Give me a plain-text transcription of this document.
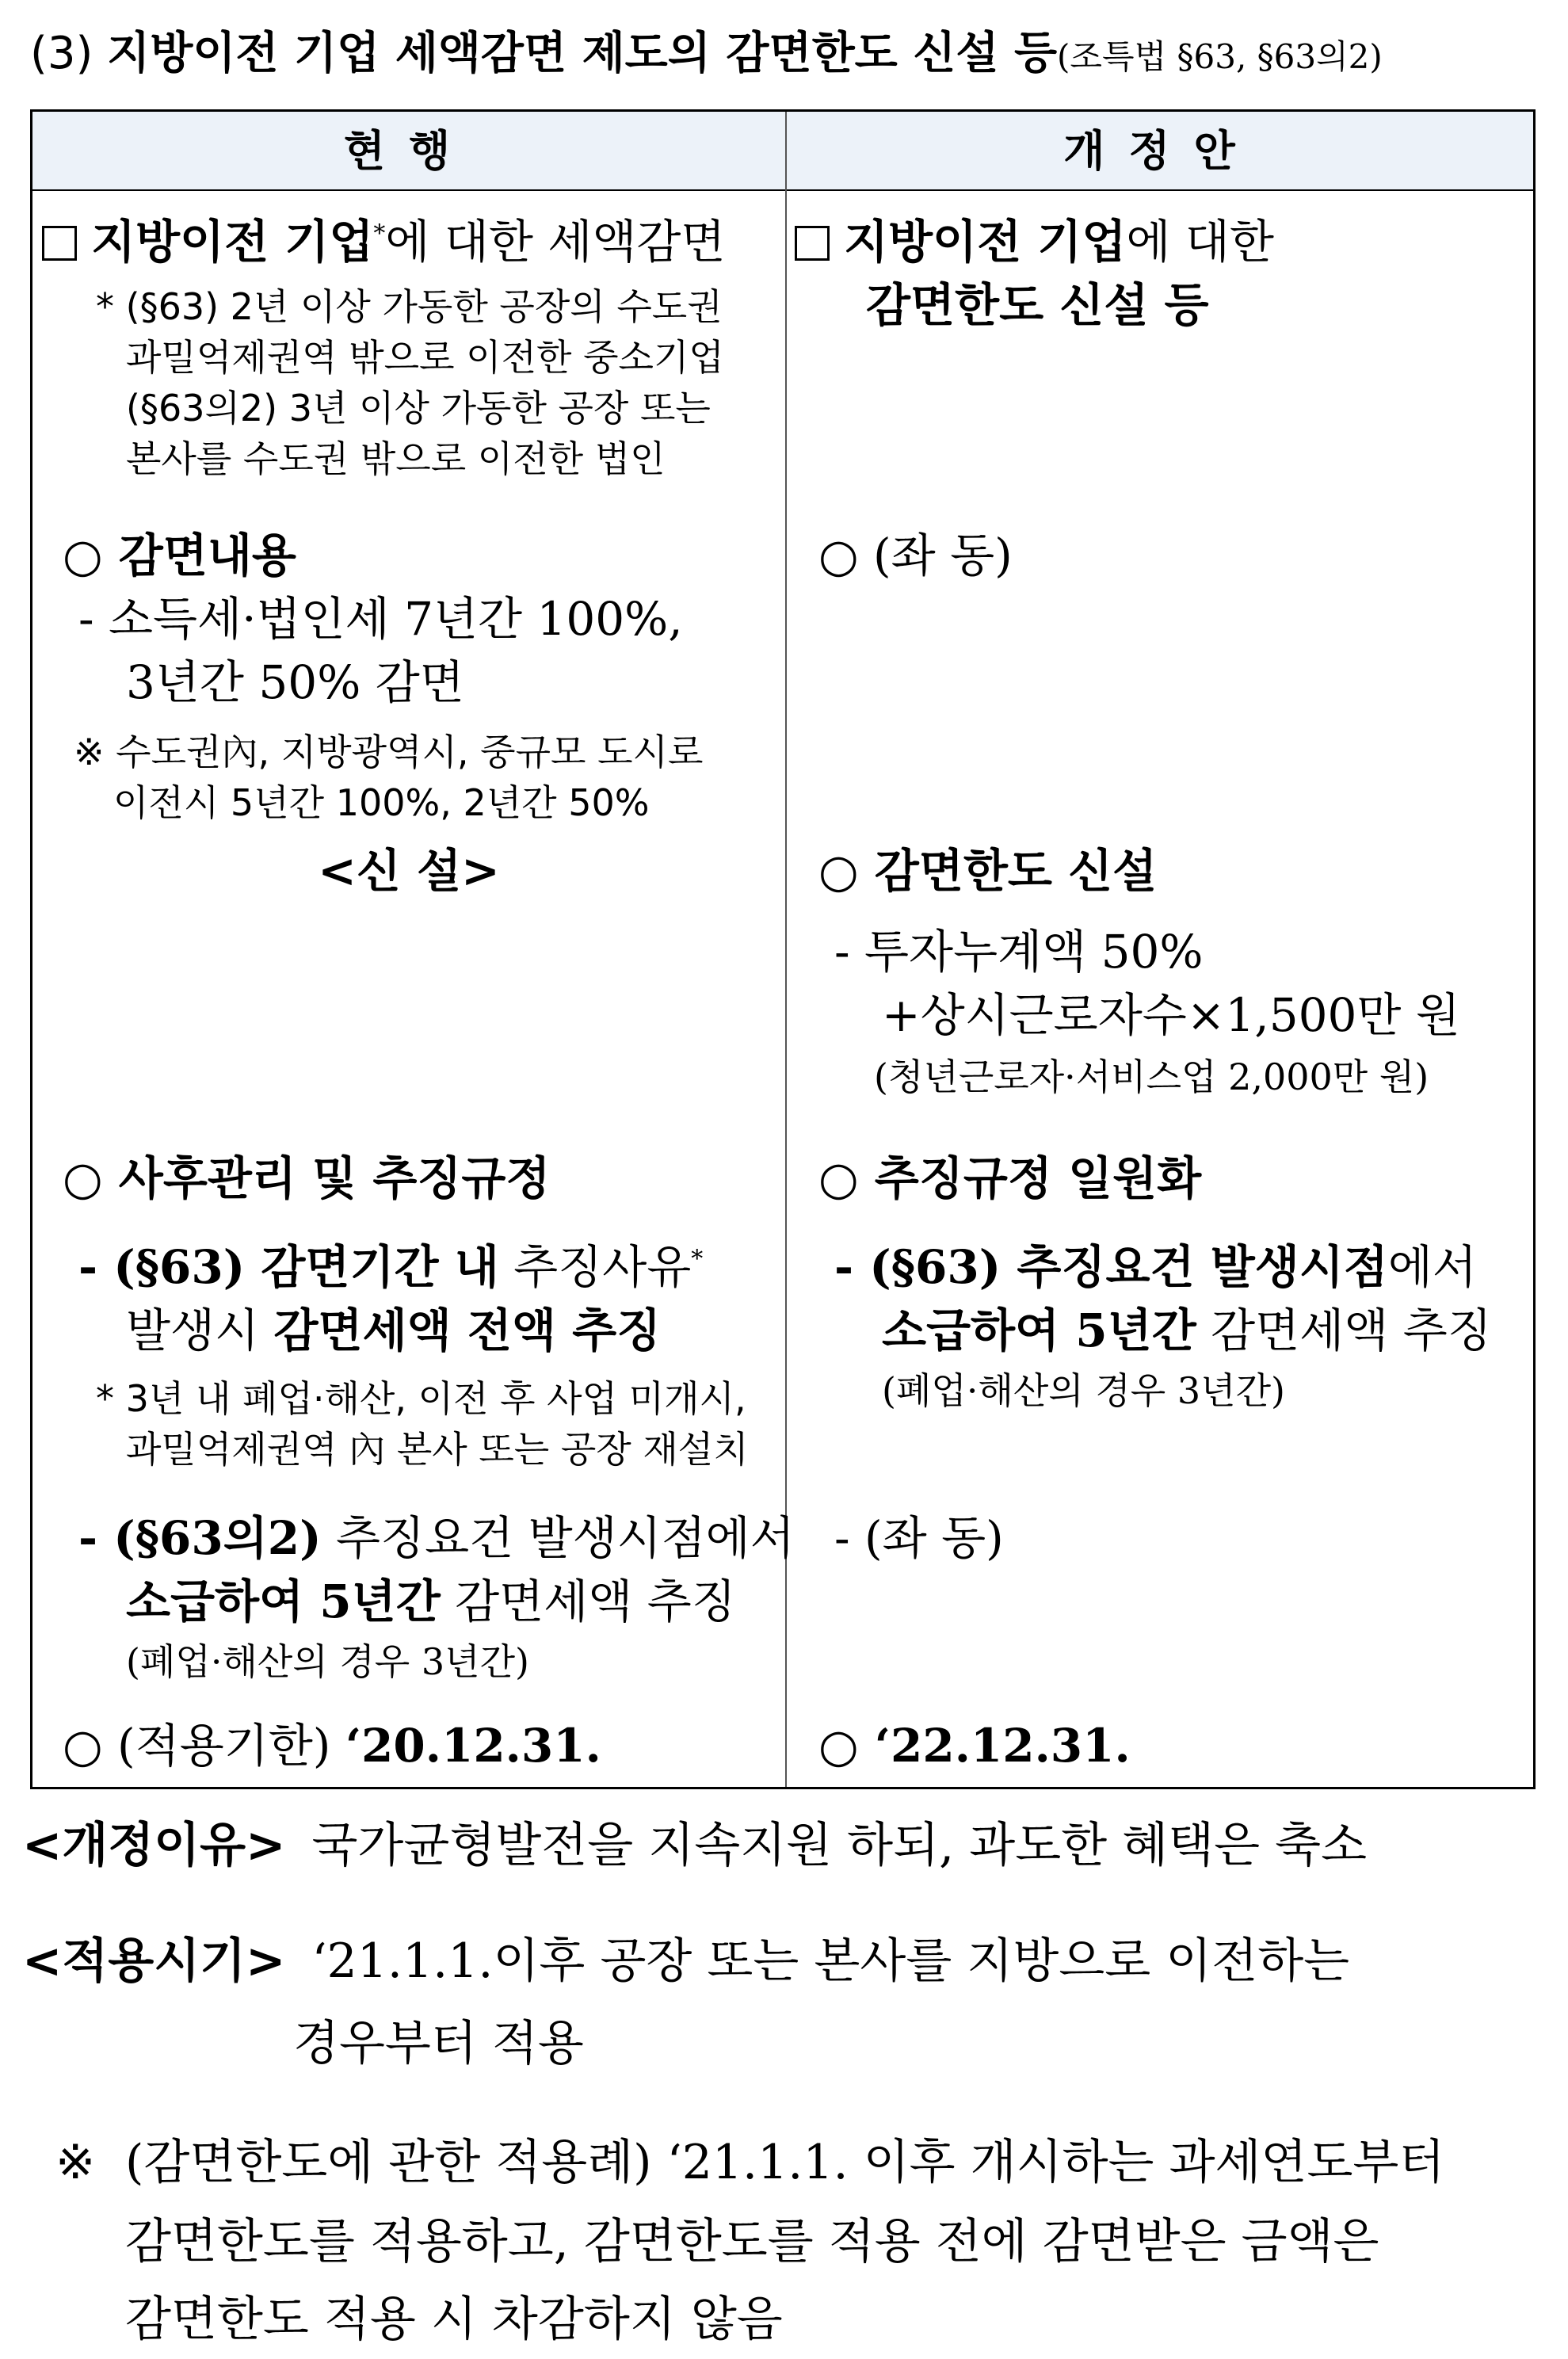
(3) 지방이전 기업 세액감면 제도의 감면한도 신설 등(조특법 §63, §63의2)
현행	개정안
지방이전 기업*에 대한 세액감면
* (§63) 2년 이상 가동한 공장의 수도권
과밀억제권역 밖으로 이전한 중소기업
(§63의2) 3년 이상 가동한 공장 또는
본사를 수도권 밖으로 이전한 법인
○ 감면내용
- 소득세·법인세 7년간 100%,
3년간 50% 감면
※ 수도권內, 지방광역시, 중규모 도시로
이전시 5년간 100%, 2년간 50%
<신 설>
○ 사후관리 및 추징규정
- (§63) 감면기간 내 추징사유*
발생시 감면세액 전액 추징
* 3년 내 폐업·해산, 이전 후 사업 미개시,
과밀억제권역 內 본사 또는 공장 재설치
- (§63의2) 추징요건 발생시점에서
소급하여 5년간 감면세액 추징
(폐업·해산의 경우 3년간)
○ (적용기한) ‘20.12.31.
지방이전 기업에 대한
감면한도 신설 등
○ (좌 동)
○ 감면한도 신설
- 투자누계액 50%
+상시근로자수×1,500만 원
(청년근로자·서비스업 2,000만 원)
○ 추징규정 일원화
- (§63) 추징요건 발생시점에서
소급하여 5년간 감면세액 추징
(폐업·해산의 경우 3년간)
- (좌 동)
○ ‘22.12.31.
<개정이유> 국가균형발전을 지속지원 하되, 과도한 혜택은 축소
<적용시기> ‘21.1.1.이후 공장 또는 본사를 지방으로 이전하는
경우부터 적용
※ (감면한도에 관한 적용례) ‘21.1.1. 이후 개시하는 과세연도부터
감면한도를 적용하고, 감면한도를 적용 전에 감면받은 금액은
감면한도 적용 시 차감하지 않음
